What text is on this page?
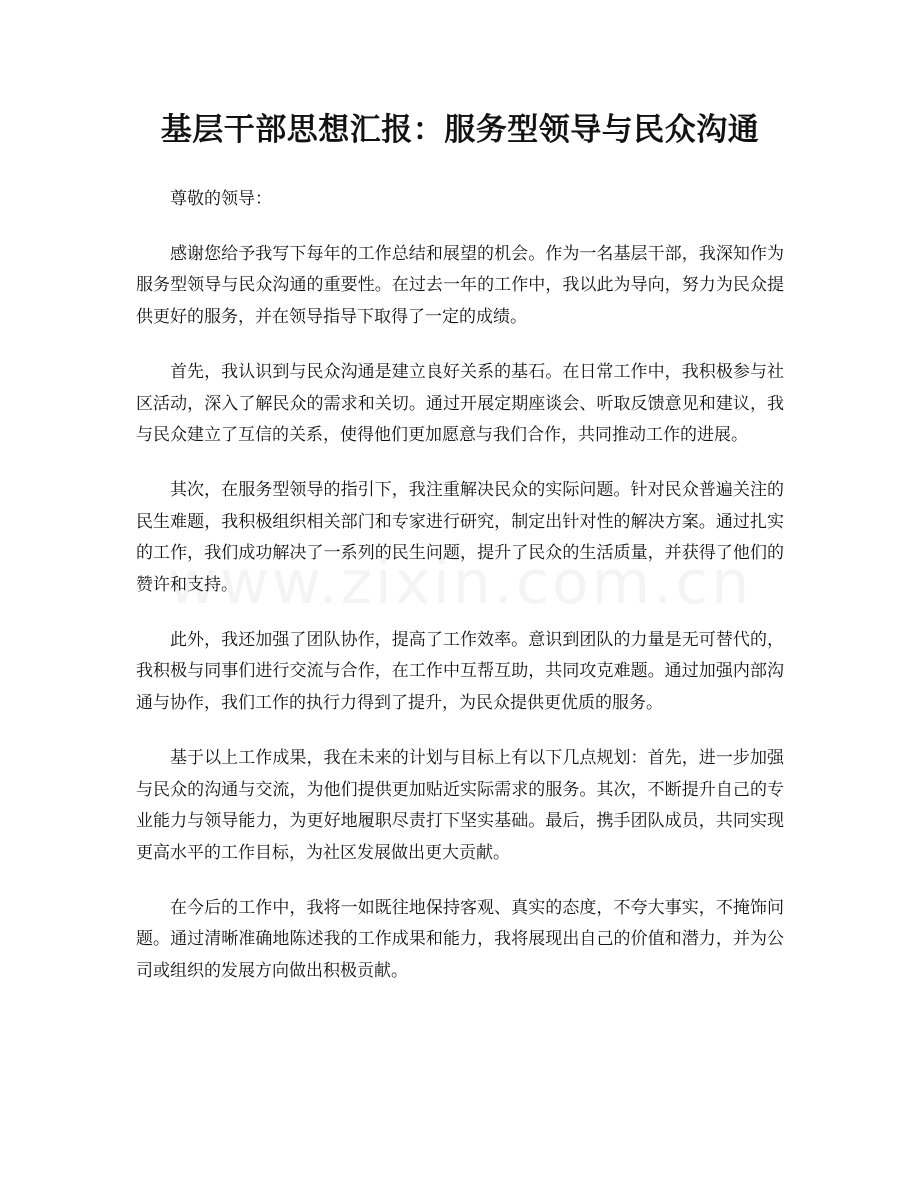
基层干部思想汇报：服务型领导与民众沟通

尊敬的领导：

感谢您给予我写下每年的工作总结和展望的机会。作为一名基层干部，我深知作为服务型领导与民众沟通的重要性。在过去一年的工作中，我以此为导向，努力为民众提供更好的服务，并在领导指导下取得了一定的成绩。

首先，我认识到与民众沟通是建立良好关系的基石。在日常工作中，我积极参与社区活动，深入了解民众的需求和关切。通过开展定期座谈会、听取反馈意见和建议，我与民众建立了互信的关系，使得他们更加愿意与我们合作，共同推动工作的进展。

其次，在服务型领导的指引下，我注重解决民众的实际问题。针对民众普遍关注的民生难题，我积极组织相关部门和专家进行研究，制定出针对性的解决方案。通过扎实的工作，我们成功解决了一系列的民生问题，提升了民众的生活质量，并获得了他们的赞许和支持。

此外，我还加强了团队协作，提高了工作效率。意识到团队的力量是无可替代的，我积极与同事们进行交流与合作，在工作中互帮互助，共同攻克难题。通过加强内部沟通与协作，我们工作的执行力得到了提升，为民众提供更优质的服务。

基于以上工作成果，我在未来的计划与目标上有以下几点规划：首先，进一步加强与民众的沟通与交流，为他们提供更加贴近实际需求的服务。其次，不断提升自己的专业能力与领导能力，为更好地履职尽责打下坚实基础。最后，携手团队成员，共同实现更高水平的工作目标，为社区发展做出更大贡献。

在今后的工作中，我将一如既往地保持客观、真实的态度，不夸大事实，不掩饰问题。通过清晰准确地陈述我的工作成果和能力，我将展现出自己的价值和潜力，并为公司或组织的发展方向做出积极贡献。
